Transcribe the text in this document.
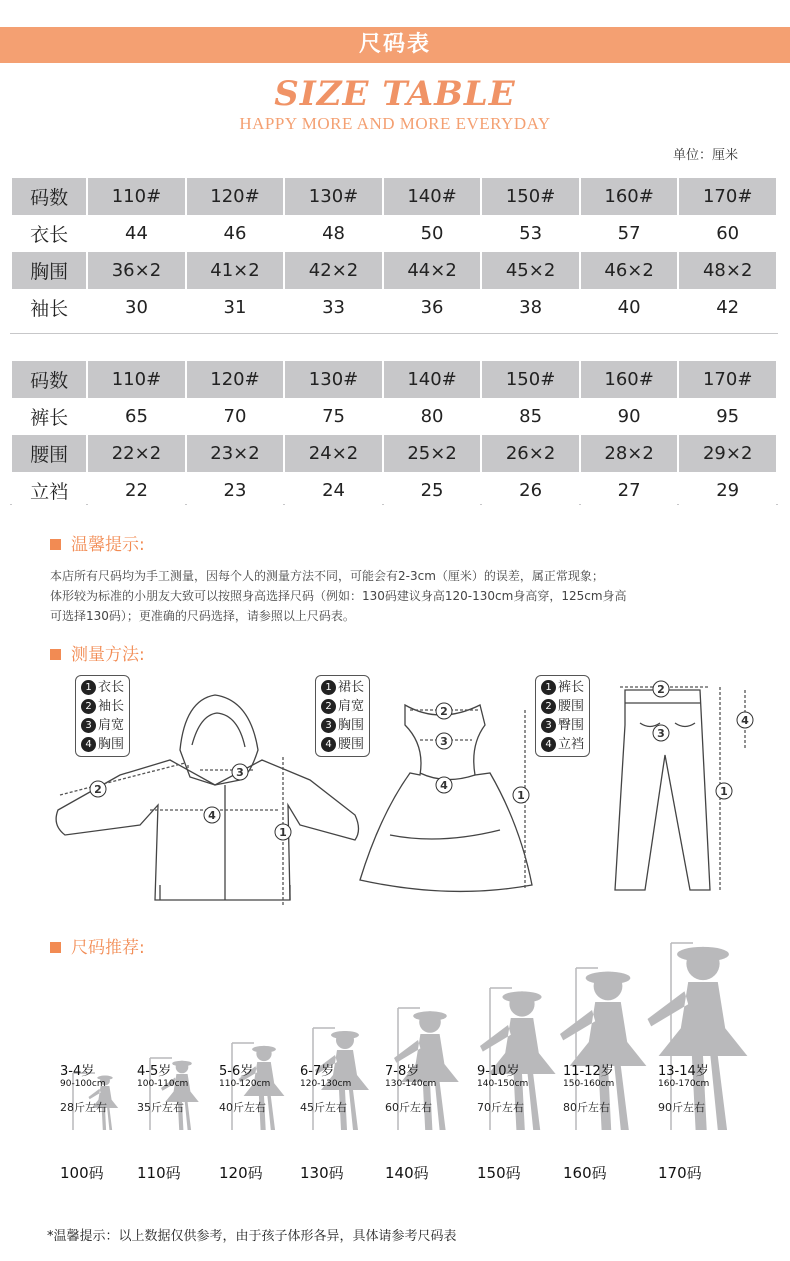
尺码表
SIZE TABLE
HAPPY MORE AND MORE EVERYDAY
单位：厘米
码数	110#	120#	130#	140#	150#	160#	170#
衣长	44	46	48	50	53	57	60
胸围	36×2	41×2	42×2	44×2	45×2	46×2	48×2
袖长	30	31	33	36	38	40	42
码数	110#	120#	130#	140#	150#	160#	170#
裤长	65	70	75	80	85	90	95
腰围	22×2	23×2	24×2	25×2	26×2	28×2	29×2
立裆	22	23	24	25	26	27	29
温馨提示:
本店所有尺码均为手工测量，因每个人的测量方法不同，可能会有2-3cm（厘米）的误差，属正常现象；
体形较为标准的小朋友大致可以按照身高选择尺码（例如：130码建议身高120-130cm身高穿，125cm身高
可选择130码）；更准确的尺码选择，请参照以上尺码表。
测量方法:
1
2
3
4
1
2
3
4	1
2
3
4
1 衣长
2 袖长
3 肩宽
4 胸围
1 裙长
2 肩宽
3 胸围
4 腰围
1 裤长
2 腰围
3 臀围
4 立裆
尺码推荐:
3-4岁
90-100cm
28斤左右
100码
4-5岁
100-110cm
35斤左右
110码
5-6岁
110-120cm
40斤左右
120码
6-7岁
120-130cm
45斤左右
130码
7-8岁
130-140cm
60斤左右
140码
9-10岁
140-150cm
70斤左右
150码
11-12岁
150-160cm
80斤左右
160码
13-14岁
160-170cm
90斤左右
170码
*温馨提示：以上数据仅供参考，由于孩子体形各异，具体请参考尺码表
